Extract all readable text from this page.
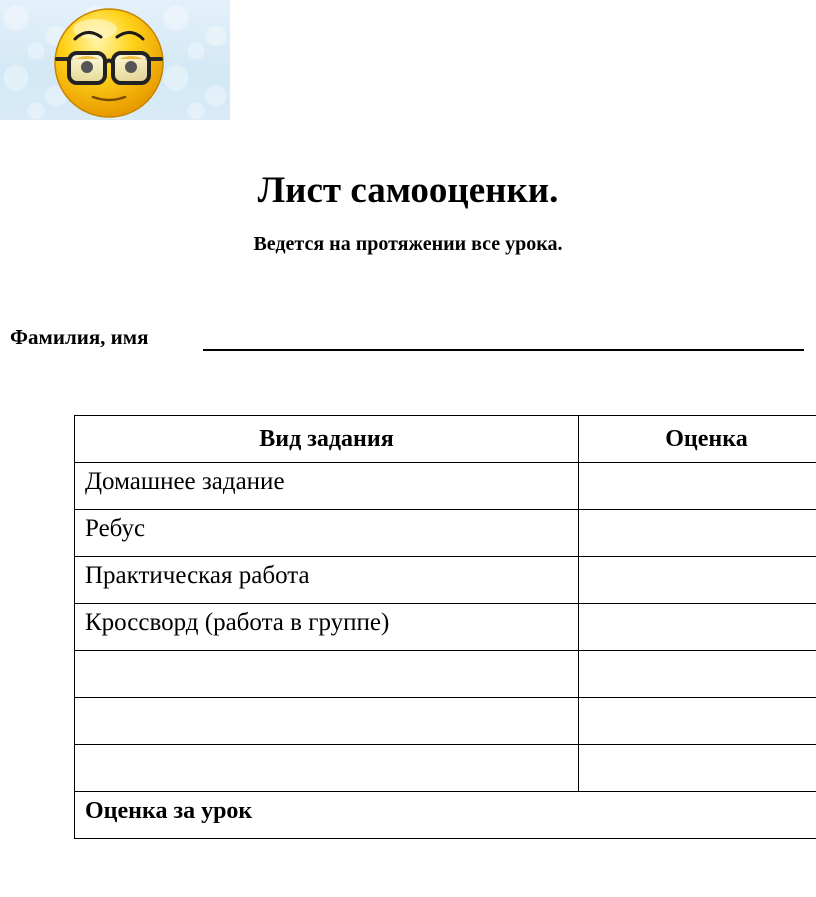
Лист самооценки.
Ведется на протяжении все урока.
Фамилия, имя
Вид задания	Оценка

Домашнее задание	

Ребус	

Практическая работа	

Кроссворд (работа в группе)	

Оценка за урок	
